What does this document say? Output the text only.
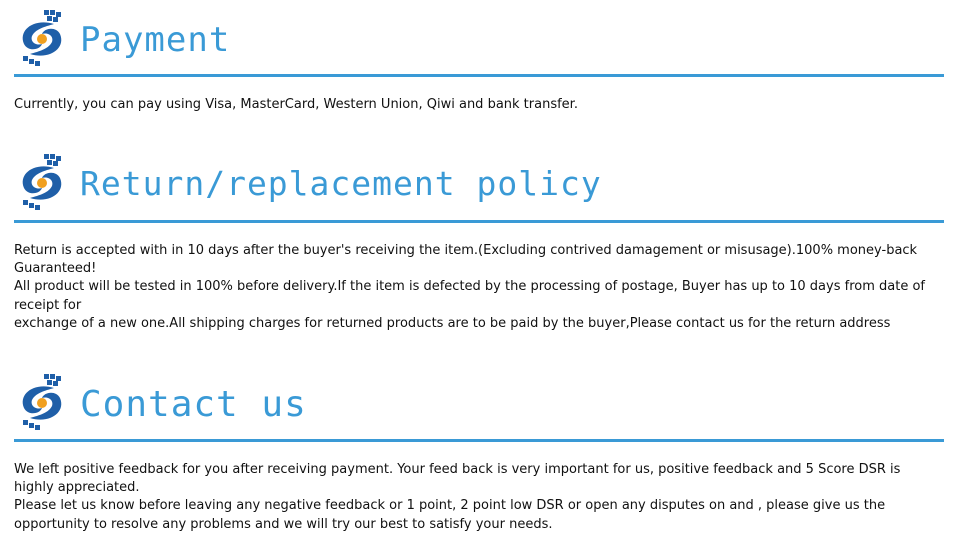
Payment

Currently, you can pay using Visa, MasterCard, Western Union, Qiwi and bank transfer.

Return/replacement policy

Return is accepted with in 10 days after the buyer's receiving the item.(Excluding contrived damagement or misusage).100% money-back Guaranteed!

All product will be tested in 100% before delivery.If the item is defected by the processing of postage, Buyer has up to 10 days from date of receipt for

exchange of a new one.All shipping charges for returned products are to be paid by the buyer,Please contact us for the return address

Contact us

We left positive feedback for you after receiving payment. Your feed back is very important for us, positive feedback and 5 Score DSR is highly appreciated.

Please let us know before leaving any negative feedback or 1 point, 2 point low DSR or open any disputes on and , please give us the opportunity to resolve any problems and we will try our best to satisfy your needs.
